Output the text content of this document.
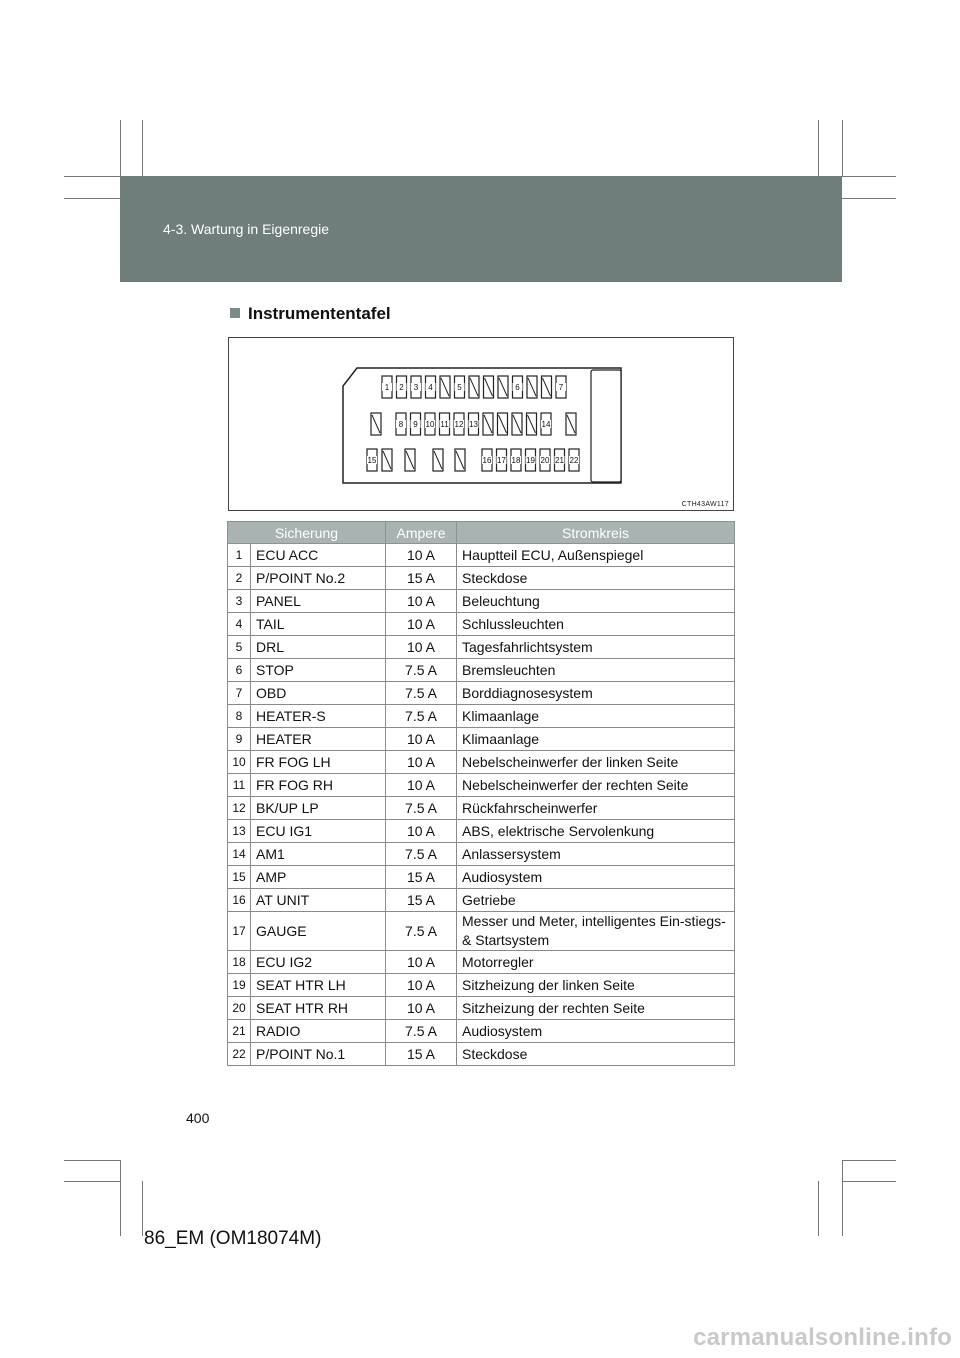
4-3. Wartung in Eigenregie
Instrumententafel
1 2 3 4	5	6	7
8 9 10 11 12 13	14
15	16 17 18 19 20 21 22
CTH43AW117
Sicherung		Ampere	Stromkreis
1	ECU ACC	10 A	Hauptteil ECU, Außenspiegel
2	P/POINT No.2	15 A	Steckdose
3	PANEL	10 A	Beleuchtung
4	TAIL	10 A	Schlussleuchten
5	DRL	10 A	Tagesfahrlichtsystem
6	STOP	7.5 A	Bremsleuchten
7	OBD	7.5 A	Borddiagnosesystem
8	HEATER-S	7.5 A	Klimaanlage
9	HEATER	10 A	Klimaanlage
10	FR FOG LH	10 A	Nebelscheinwerfer der linken Seite
11	FR FOG RH	10 A	Nebelscheinwerfer der rechten Seite
12	BK/UP LP	7.5 A	Rückfahrscheinwerfer
13	ECU IG1	10 A	ABS, elektrische Servolenkung
14	AM1	7.5 A	Anlassersystem
15	AMP	15 A	Audiosystem
16	AT UNIT	15 A	Getriebe
17	GAUGE	7.5 A	Messer und Meter, intelligentes Ein-stiegs- & Startsystem
18	ECU IG2	10 A	Motorregler
19	SEAT HTR LH	10 A	Sitzheizung der linken Seite
20	SEAT HTR RH	10 A	Sitzheizung der rechten Seite
21	RADIO	7.5 A	Audiosystem
22	P/POINT No.1	15 A	Steckdose
400
86_EM (OM18074M)
carmanualsonline.info
